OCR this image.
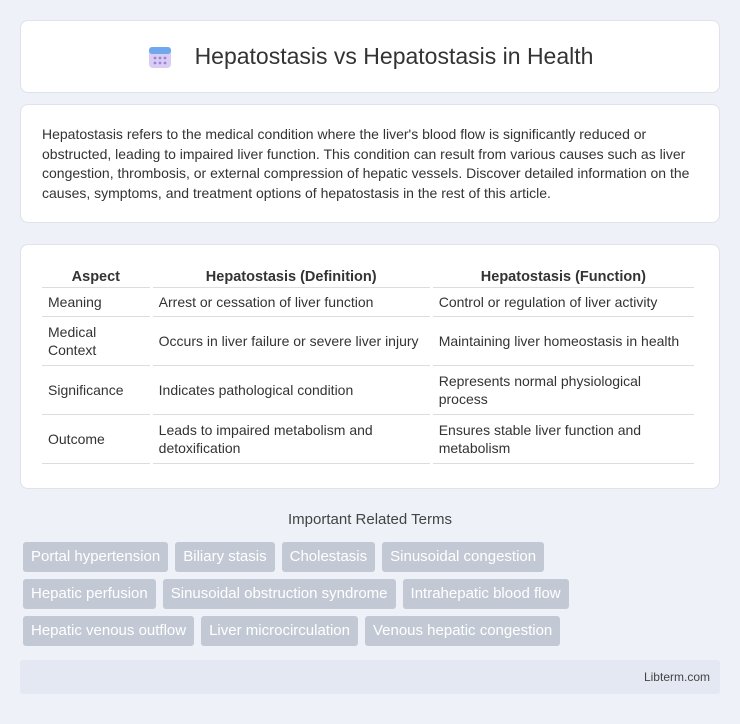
Hepatostasis vs Hepatostasis in Health

Hepatostasis refers to the medical condition where the liver's blood flow is significantly reduced or obstructed, leading to impaired liver function. This condition can result from various causes such as liver congestion, thrombosis, or external compression of hepatic vessels. Discover detailed information on the causes, symptoms, and treatment options of hepatostasis in the rest of this article.

Aspect	Hepatostasis (Definition)	Hepatostasis (Function)
Meaning	Arrest or cessation of liver function	Control or regulation of liver activity
Medical Context	Occurs in liver failure or severe liver injury	Maintaining liver homeostasis in health
Significance	Indicates pathological condition	Represents normal physiological process
Outcome	Leads to impaired metabolism and detoxification	Ensures stable liver function and metabolism
Important Related Terms
Portal hypertension	Biliary stasis	Cholestasis	Sinusoidal congestion
Hepatic perfusion	Sinusoidal obstruction syndrome	Intrahepatic blood flow
Hepatic venous outflow	Liver microcirculation	Venous hepatic congestion
Libterm.com
